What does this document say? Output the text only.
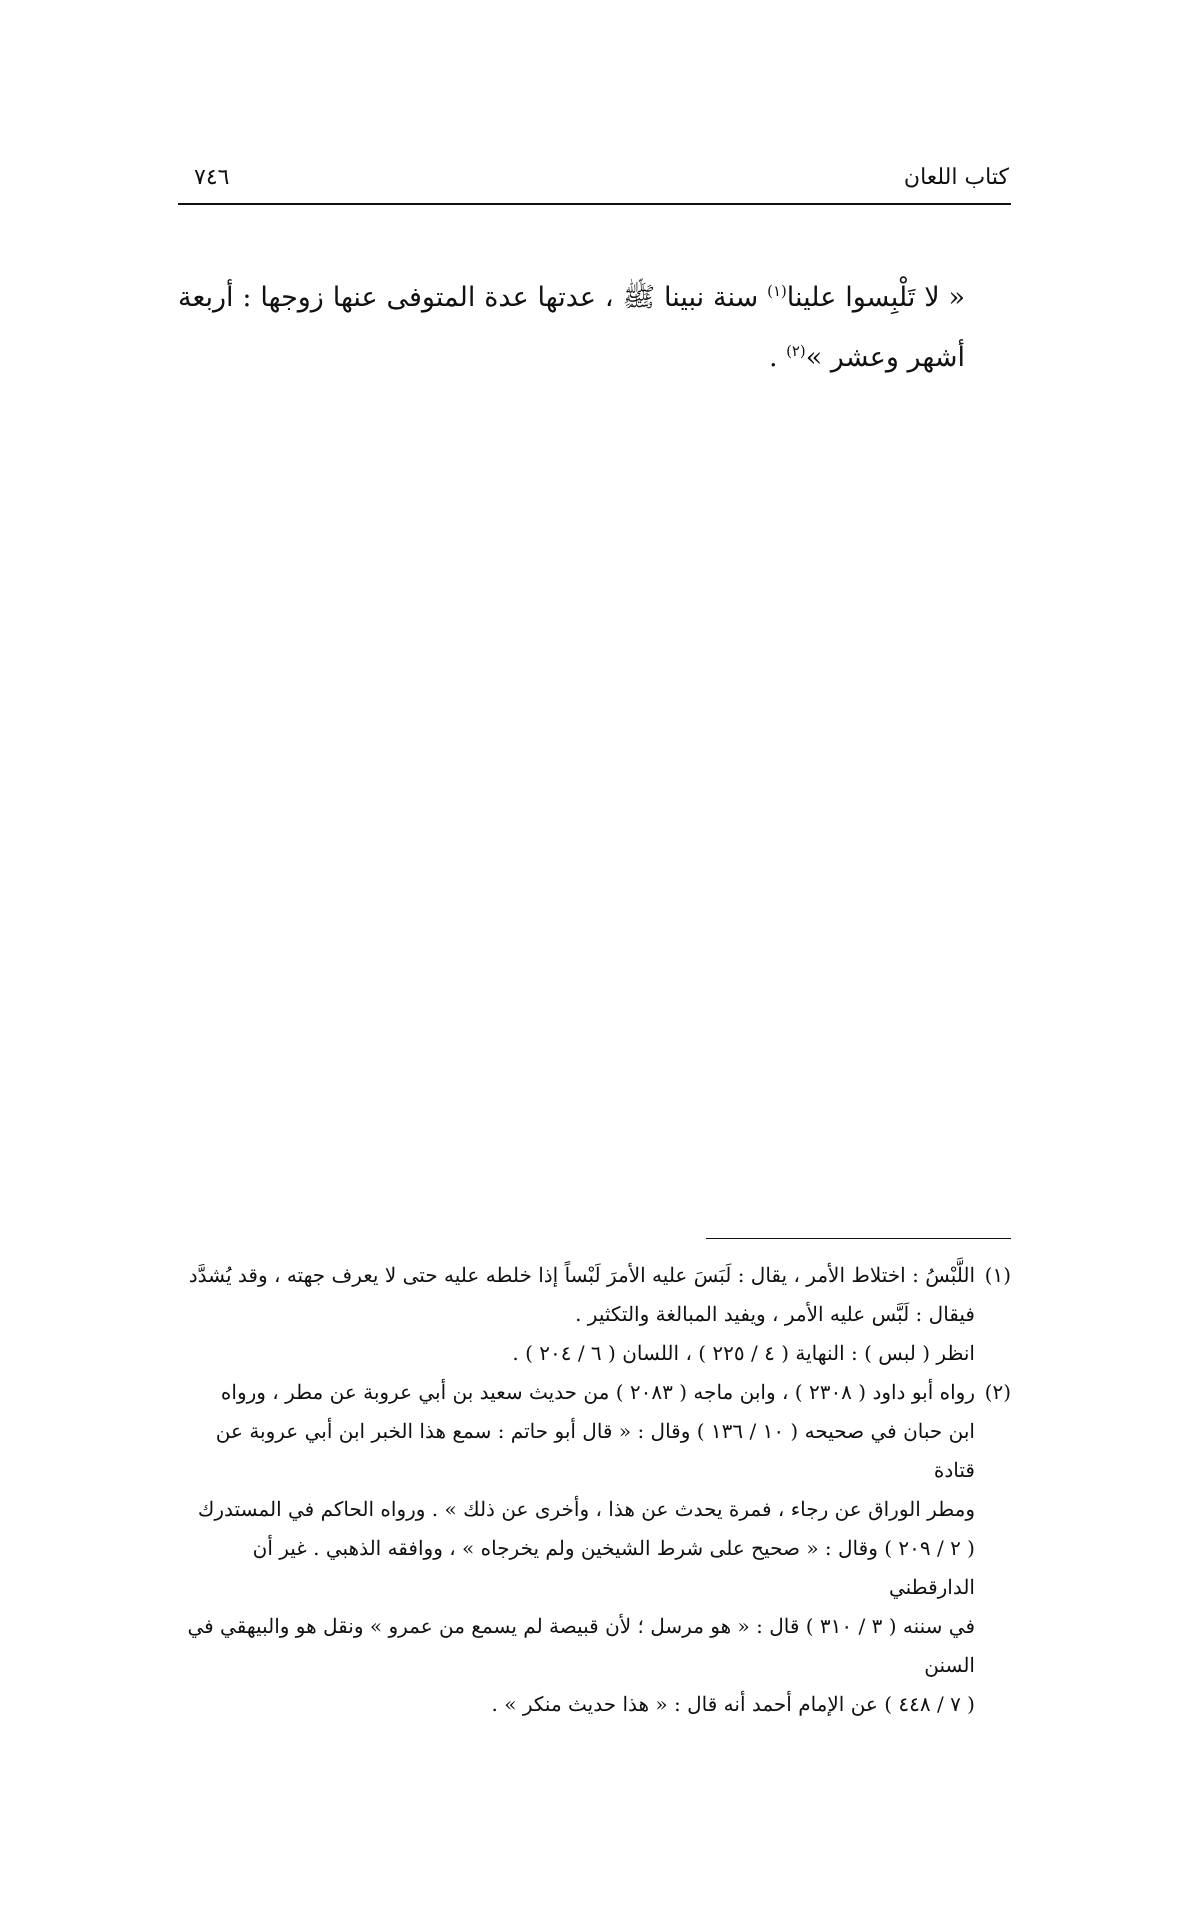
كتاب اللعان
٧٤٦
« لا تَلْبِسوا علينا$^{(١)}$ سنة نبينا ﷺ ، عدتها عدة المتوفى عنها زوجها : أربعة أشهر وعشر »$^{(٢)}$ .
(١)
اللَّبْسُ : اختلاط الأمر ، يقال : لَبَسَ عليه الأمرَ لَبْساً إذا خلطه عليه حتى لا يعرف جهته ، وقد يُشدَّد
فيقال : لَبَّس عليه الأمر ، ويفيد المبالغة والتكثير .
انظر ( لبس ) : النهاية ( ٤ / ٢٢٥ ) ، اللسان ( ٦ / ٢٠٤ ) .
(٢)
رواه أبو داود ( ٢٣٠٨ ) ، وابن ماجه ( ٢٠٨٣ ) من حديث سعيد بن أبي عروبة عن مطر ، ورواه
ابن حبان في صحيحه ( ١٠ / ١٣٦ ) وقال : « قال أبو حاتم : سمع هذا الخبر ابن أبي عروبة عن قتادة
ومطر الوراق عن رجاء ، فمرة يحدث عن هذا ، وأخرى عن ذلك » . ورواه الحاكم في المستدرك
( ٢ / ٢٠٩ ) وقال : « صحيح على شرط الشيخين ولم يخرجاه » ، ووافقه الذهبي . غير أن الدارقطني
في سننه ( ٣ / ٣١٠ ) قال : « هو مرسل ؛ لأن قبيصة لم يسمع من عمرو » ونقل هو والبيهقي في السنن
( ٧ / ٤٤٨ ) عن الإمام أحمد أنه قال : « هذا حديث منكر » .
